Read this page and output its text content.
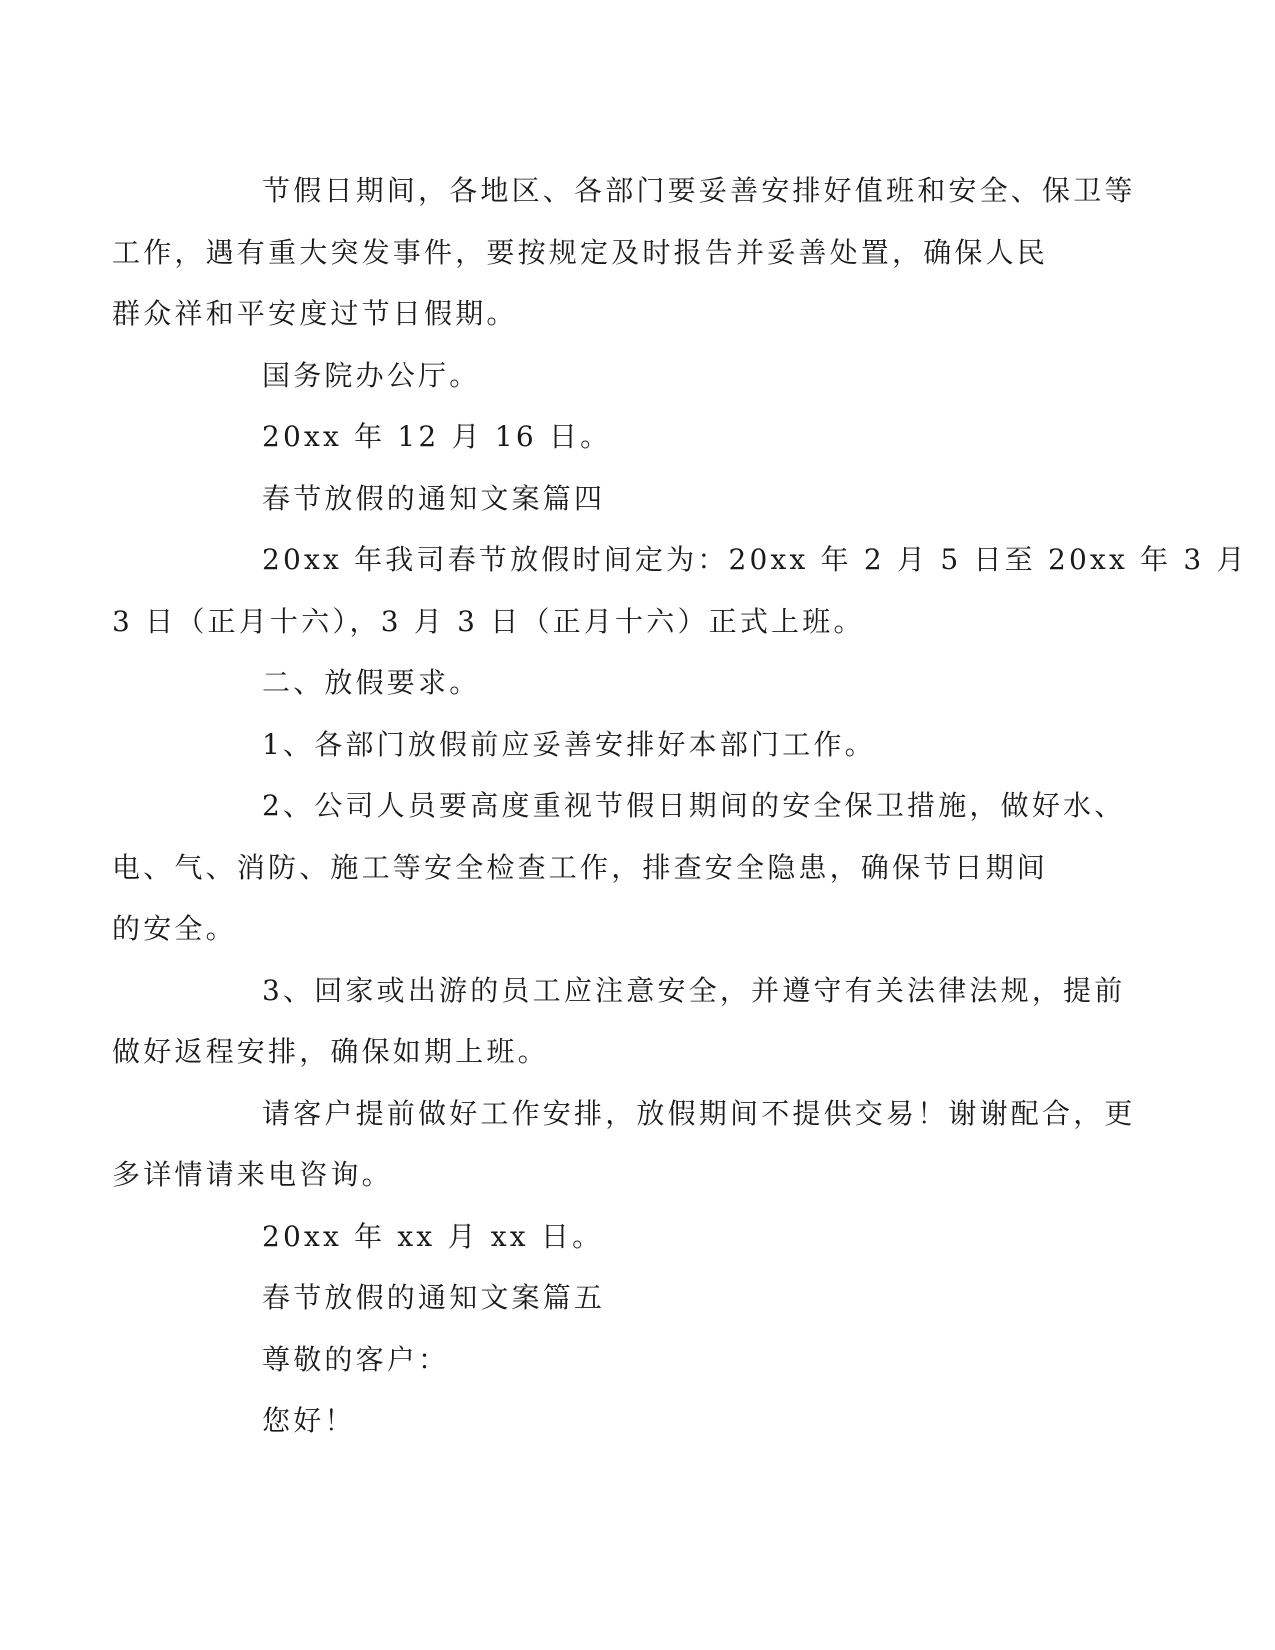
节假日期间，各地区、各部门要妥善安排好值班和安全、保卫等
工作，遇有重大突发事件，要按规定及时报告并妥善处置，确保人民
群众祥和平安度过节日假期。

国务院办公厅。

20xx 年 12 月 16 日。

春节放假的通知文案篇四

20xx 年我司春节放假时间定为：20xx 年 2 月 5 日至 20xx 年 3 月
3 日（正月十六），3 月 3 日（正月十六）正式上班。

二、放假要求。

1、各部门放假前应妥善安排好本部门工作。

2、公司人员要高度重视节假日期间的安全保卫措施，做好水、
电、气、消防、施工等安全检查工作，排查安全隐患，确保节日期间
的安全。

3、回家或出游的员工应注意安全，并遵守有关法律法规，提前
做好返程安排，确保如期上班。

请客户提前做好工作安排，放假期间不提供交易！谢谢配合，更
多详情请来电咨询。

20xx 年 xx 月 xx 日。

春节放假的通知文案篇五

尊敬的客户：

您好！
